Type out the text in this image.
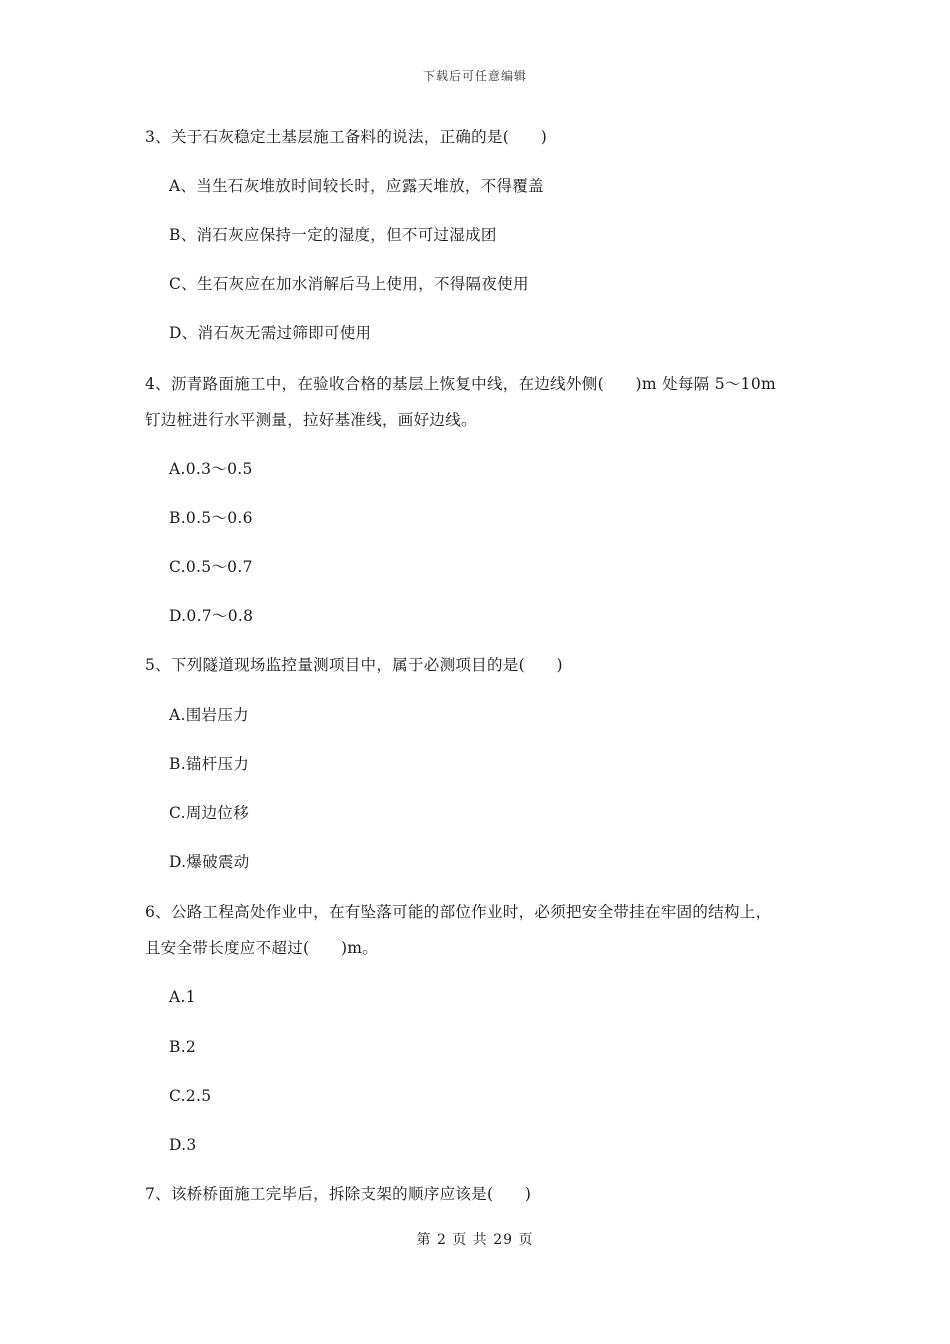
下载后可任意编辑
3、关于石灰稳定土基层施工备料的说法，正确的是(　　)
A、当生石灰堆放时间较长时，应露天堆放，不得覆盖
B、消石灰应保持一定的湿度，但不可过湿成团
C、生石灰应在加水消解后马上使用，不得隔夜使用
D、消石灰无需过筛即可使用
4、沥青路面施工中，在验收合格的基层上恢复中线，在边线外侧(　　)m 处每隔 5～10m
钉边桩进行水平测量，拉好基准线，画好边线。
A.0.3～0.5
B.0.5～0.6
C.0.5～0.7
D.0.7～0.8
5、下列隧道现场监控量测项目中，属于必测项目的是(　　)
A.围岩压力
B.锚杆压力
C.周边位移
D.爆破震动
6、公路工程高处作业中，在有坠落可能的部位作业时，必须把安全带挂在牢固的结构上，
且安全带长度应不超过(　　)m。
A.1
B.2
C.2.5
D.3
7、该桥桥面施工完毕后，拆除支架的顺序应该是(　　)
第 2 页 共 29 页
